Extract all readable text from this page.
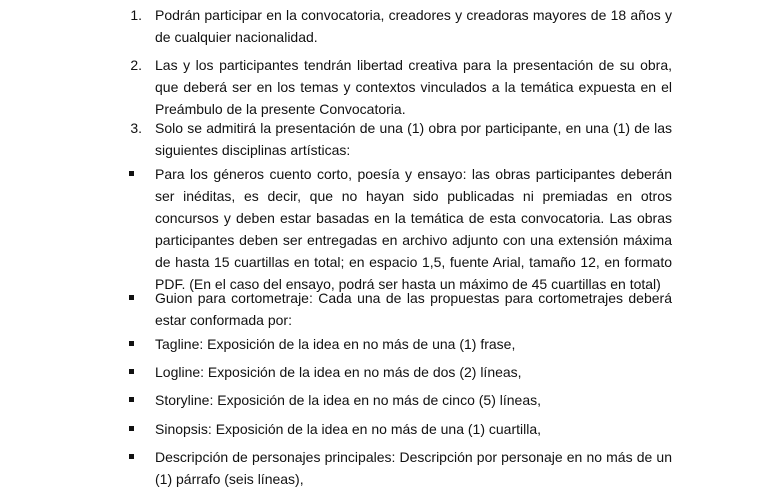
1. Podrán participar en la convocatoria, creadores y creadoras mayores de 18 años y de cualquier nacionalidad.
2. Las y los participantes tendrán libertad creativa para la presentación de su obra, que deberá ser en los temas y contextos vinculados a la temática expuesta en el Preámbulo de la presente Convocatoria.
3. Solo se admitirá la presentación de una (1) obra por participante, en una (1) de las siguientes disciplinas artísticas:
Para los géneros cuento corto, poesía y ensayo: las obras participantes deberán ser inéditas, es decir, que no hayan sido publicadas ni premiadas en otros concursos y deben estar basadas en la temática de esta convocatoria. Las obras participantes deben ser entregadas en archivo adjunto con una extensión máxima de hasta 15 cuartillas en total; en espacio 1,5, fuente Arial, tamaño 12, en formato PDF. (En el caso del ensayo, podrá ser hasta un máximo de 45 cuartillas en total)
Guion para cortometraje: Cada una de las propuestas para cortometrajes deberá estar conformada por:
Tagline: Exposición de la idea en no más de una (1) frase,
Logline: Exposición de la idea en no más de dos (2) líneas,
Storyline: Exposición de la idea en no más de cinco (5) líneas,
Sinopsis: Exposición de la idea en no más de una (1) cuartilla,
Descripción de personajes principales: Descripción por personaje en no más de un (1) párrafo (seis líneas),
